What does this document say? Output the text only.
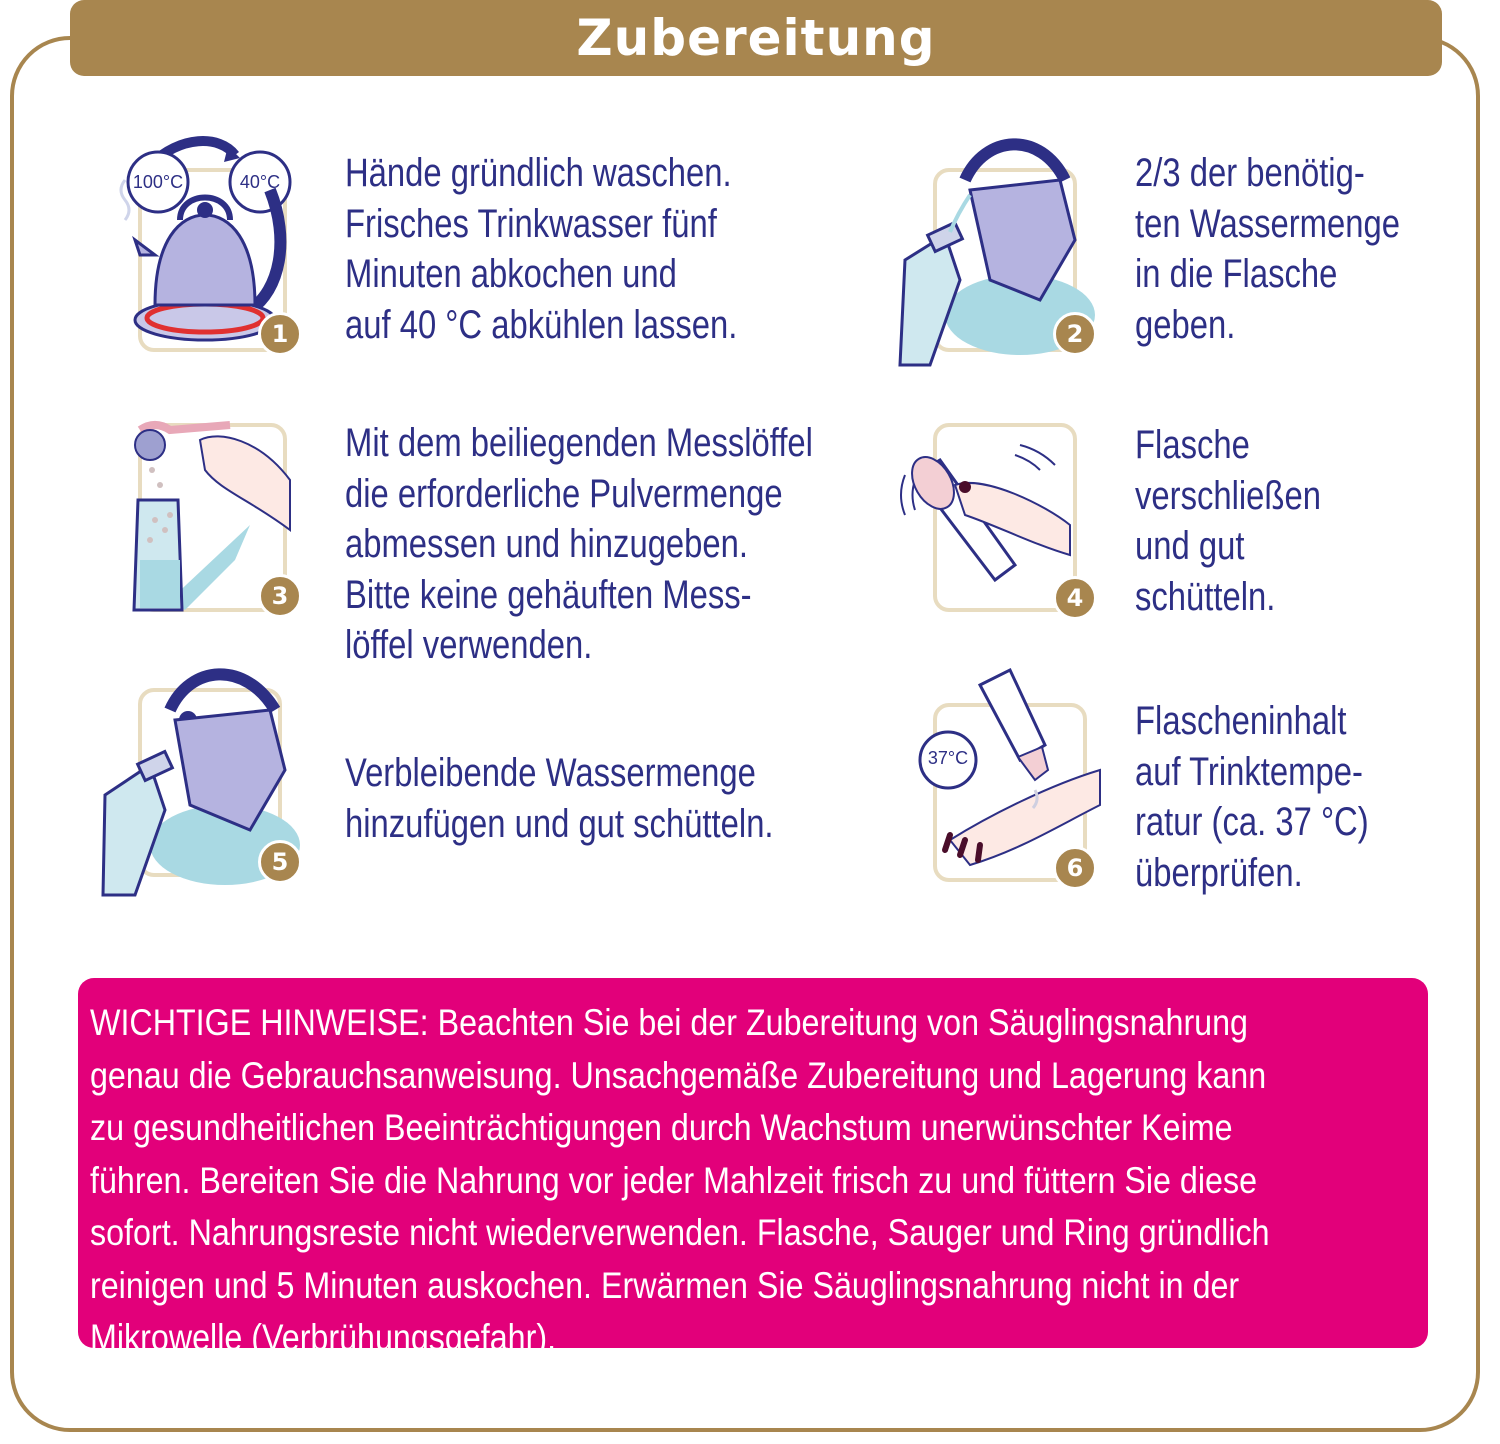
Zubereitung
100°C	40°C
1
Hände gründlich waschen.
Frisches Trinkwasser fünf
Minuten abkochen und
auf 40 °C abkühlen lassen.	2
2/3 der benötig-
ten Wassermenge
in die Flasche
geben.
3
Mit dem beiliegenden Messlöffel
die erforderliche Pulvermenge
abmessen und hinzugeben.
Bitte keine gehäuften Mess-
löffel verwenden.
4
Flasche
verschließen
und gut
schütteln.
5
Verbleibende Wassermenge
hinzufügen und gut schütteln.
37°C
6
Flascheninhalt
auf Trinktempe-
ratur (ca. 37 °C)
überprüfen.
WICHTIGE HINWEISE: Beachten Sie bei der Zubereitung von Säuglingsnahrung
genau die Gebrauchsanweisung. Unsachgemäße Zubereitung und Lagerung kann
zu gesundheitlichen Beeinträchtigungen durch Wachstum unerwünschter Keime
führen. Bereiten Sie die Nahrung vor jeder Mahlzeit frisch zu und füttern Sie diese
sofort. Nahrungsreste nicht wiederverwenden. Flasche, Sauger und Ring gründlich
reinigen und 5 Minuten auskochen. Erwärmen Sie Säuglingsnahrung nicht in der
Mikrowelle (Verbrühungsgefahr).
